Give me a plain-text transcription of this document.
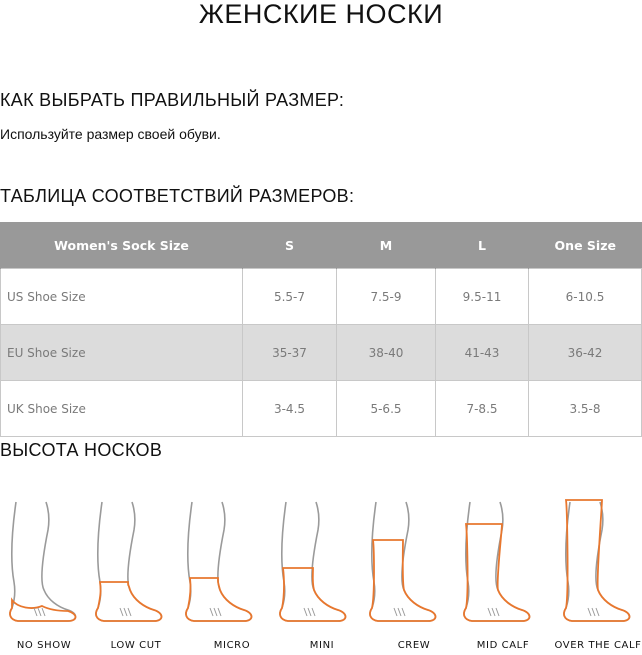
ЖЕНСКИЕ НОСКИ
КАК ВЫБРАТЬ ПРАВИЛЬНЫЙ РАЗМЕР:

Используйте размер своей обуви.

ТАБЛИЦА СООТВЕТСТВИЙ РАЗМЕРОВ:
Women's Sock Size	S	M	L	One Size
US Shoe Size	5.5-7	7.5-9	9.5-11	6-10.5
EU Shoe Size	35-37	38-40	41-43	36-42
UK Shoe Size	3-4.5	5-6.5	7-8.5	3.5-8
ВЫСОТА НОСКОВ
NO SHOW	LOW CUT	MICRO	MINI	CREW	MID CALF	OVER THE CALF
